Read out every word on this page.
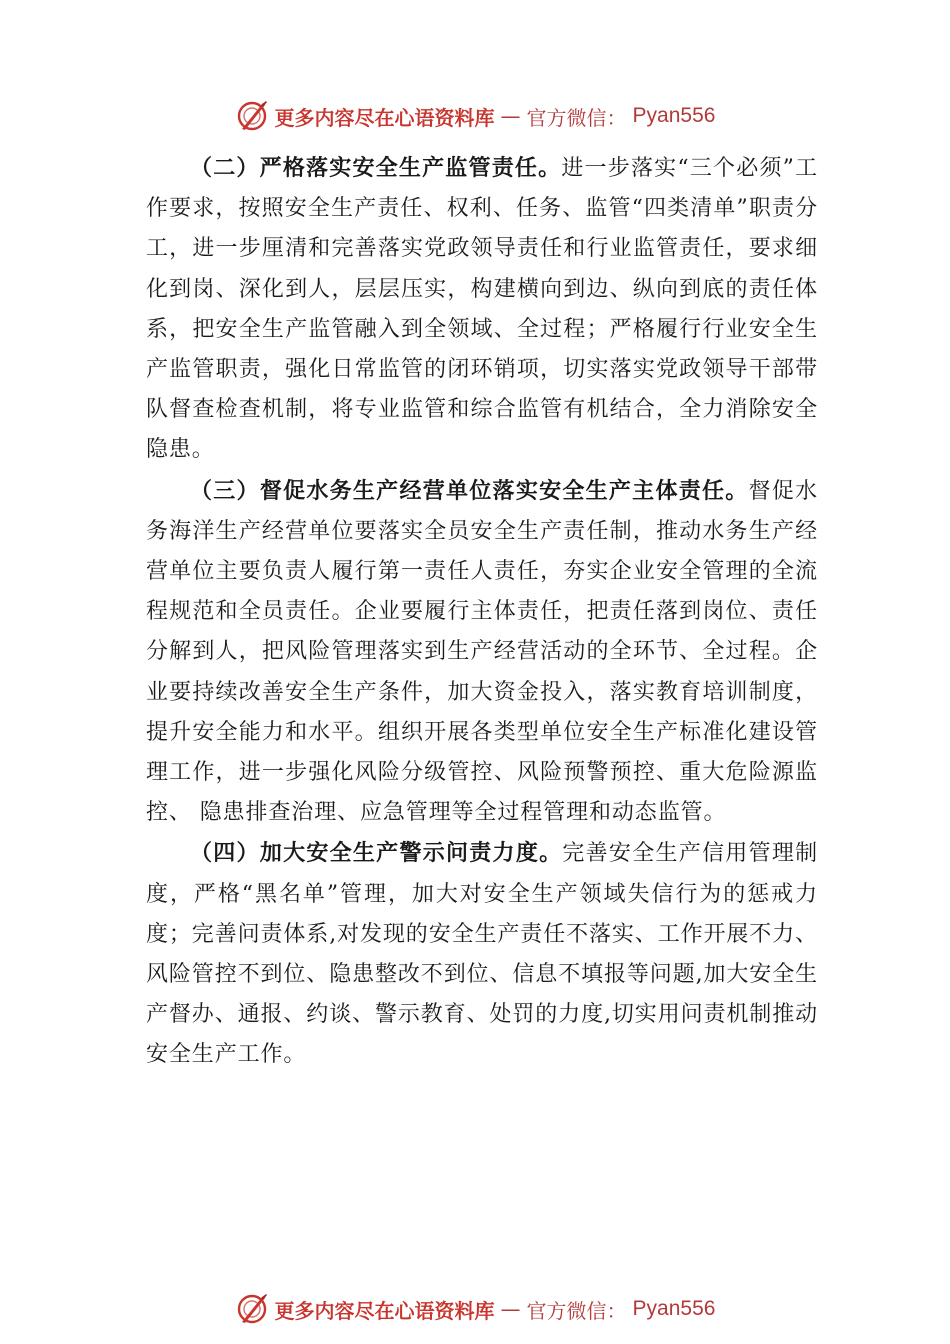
更多内容尽在心语资料库 — 官方微信： Pyan556

（二）严格落实安全生产监管责任。进一步落实“三个必须”工作要求，按照安全生产责任、权利、任务、监管“四类清单”职责分工，进一步厘清和完善落实党政领导责任和行业监管责任，要求细化到岗、深化到人，层层压实，构建横向到边、纵向到底的责任体系，把安全生产监管融入到全领域、全过程；严格履行行业安全生产监管职责，强化日常监管的闭环销项，切实落实党政领导干部带队督查检查机制，将专业监管和综合监管有机结合，全力消除安全隐患。

（三）督促水务生产经营单位落实安全生产主体责任。督促水务海洋生产经营单位要落实全员安全生产责任制，推动水务生产经营单位主要负责人履行第一责任人责任，夯实企业安全管理的全流程规范和全员责任。企业要履行主体责任，把责任落到岗位、责任分解到人，把风险管理落实到生产经营活动的全环节、全过程。企业要持续改善安全生产条件，加大资金投入，落实教育培训制度，提升安全能力和水平。组织开展各类型单位安全生产标准化建设管理工作，进一步强化风险分级管控、风险预警预控、重大危险源监控、 隐患排查治理、应急管理等全过程管理和动态监管。

（四）加大安全生产警示问责力度。完善安全生产信用管理制度，严格“黑名单”管理，加大对安全生产领域失信行为的惩戒力度；完善问责体系,对发现的安全生产责任不落实、工作开展不力、风险管控不到位、隐患整改不到位、信息不填报等问题,加大安全生产督办、通报、约谈、警示教育、处罚的力度,切实用问责机制推动安全生产工作。

更多内容尽在心语资料库 — 官方微信： Pyan556
